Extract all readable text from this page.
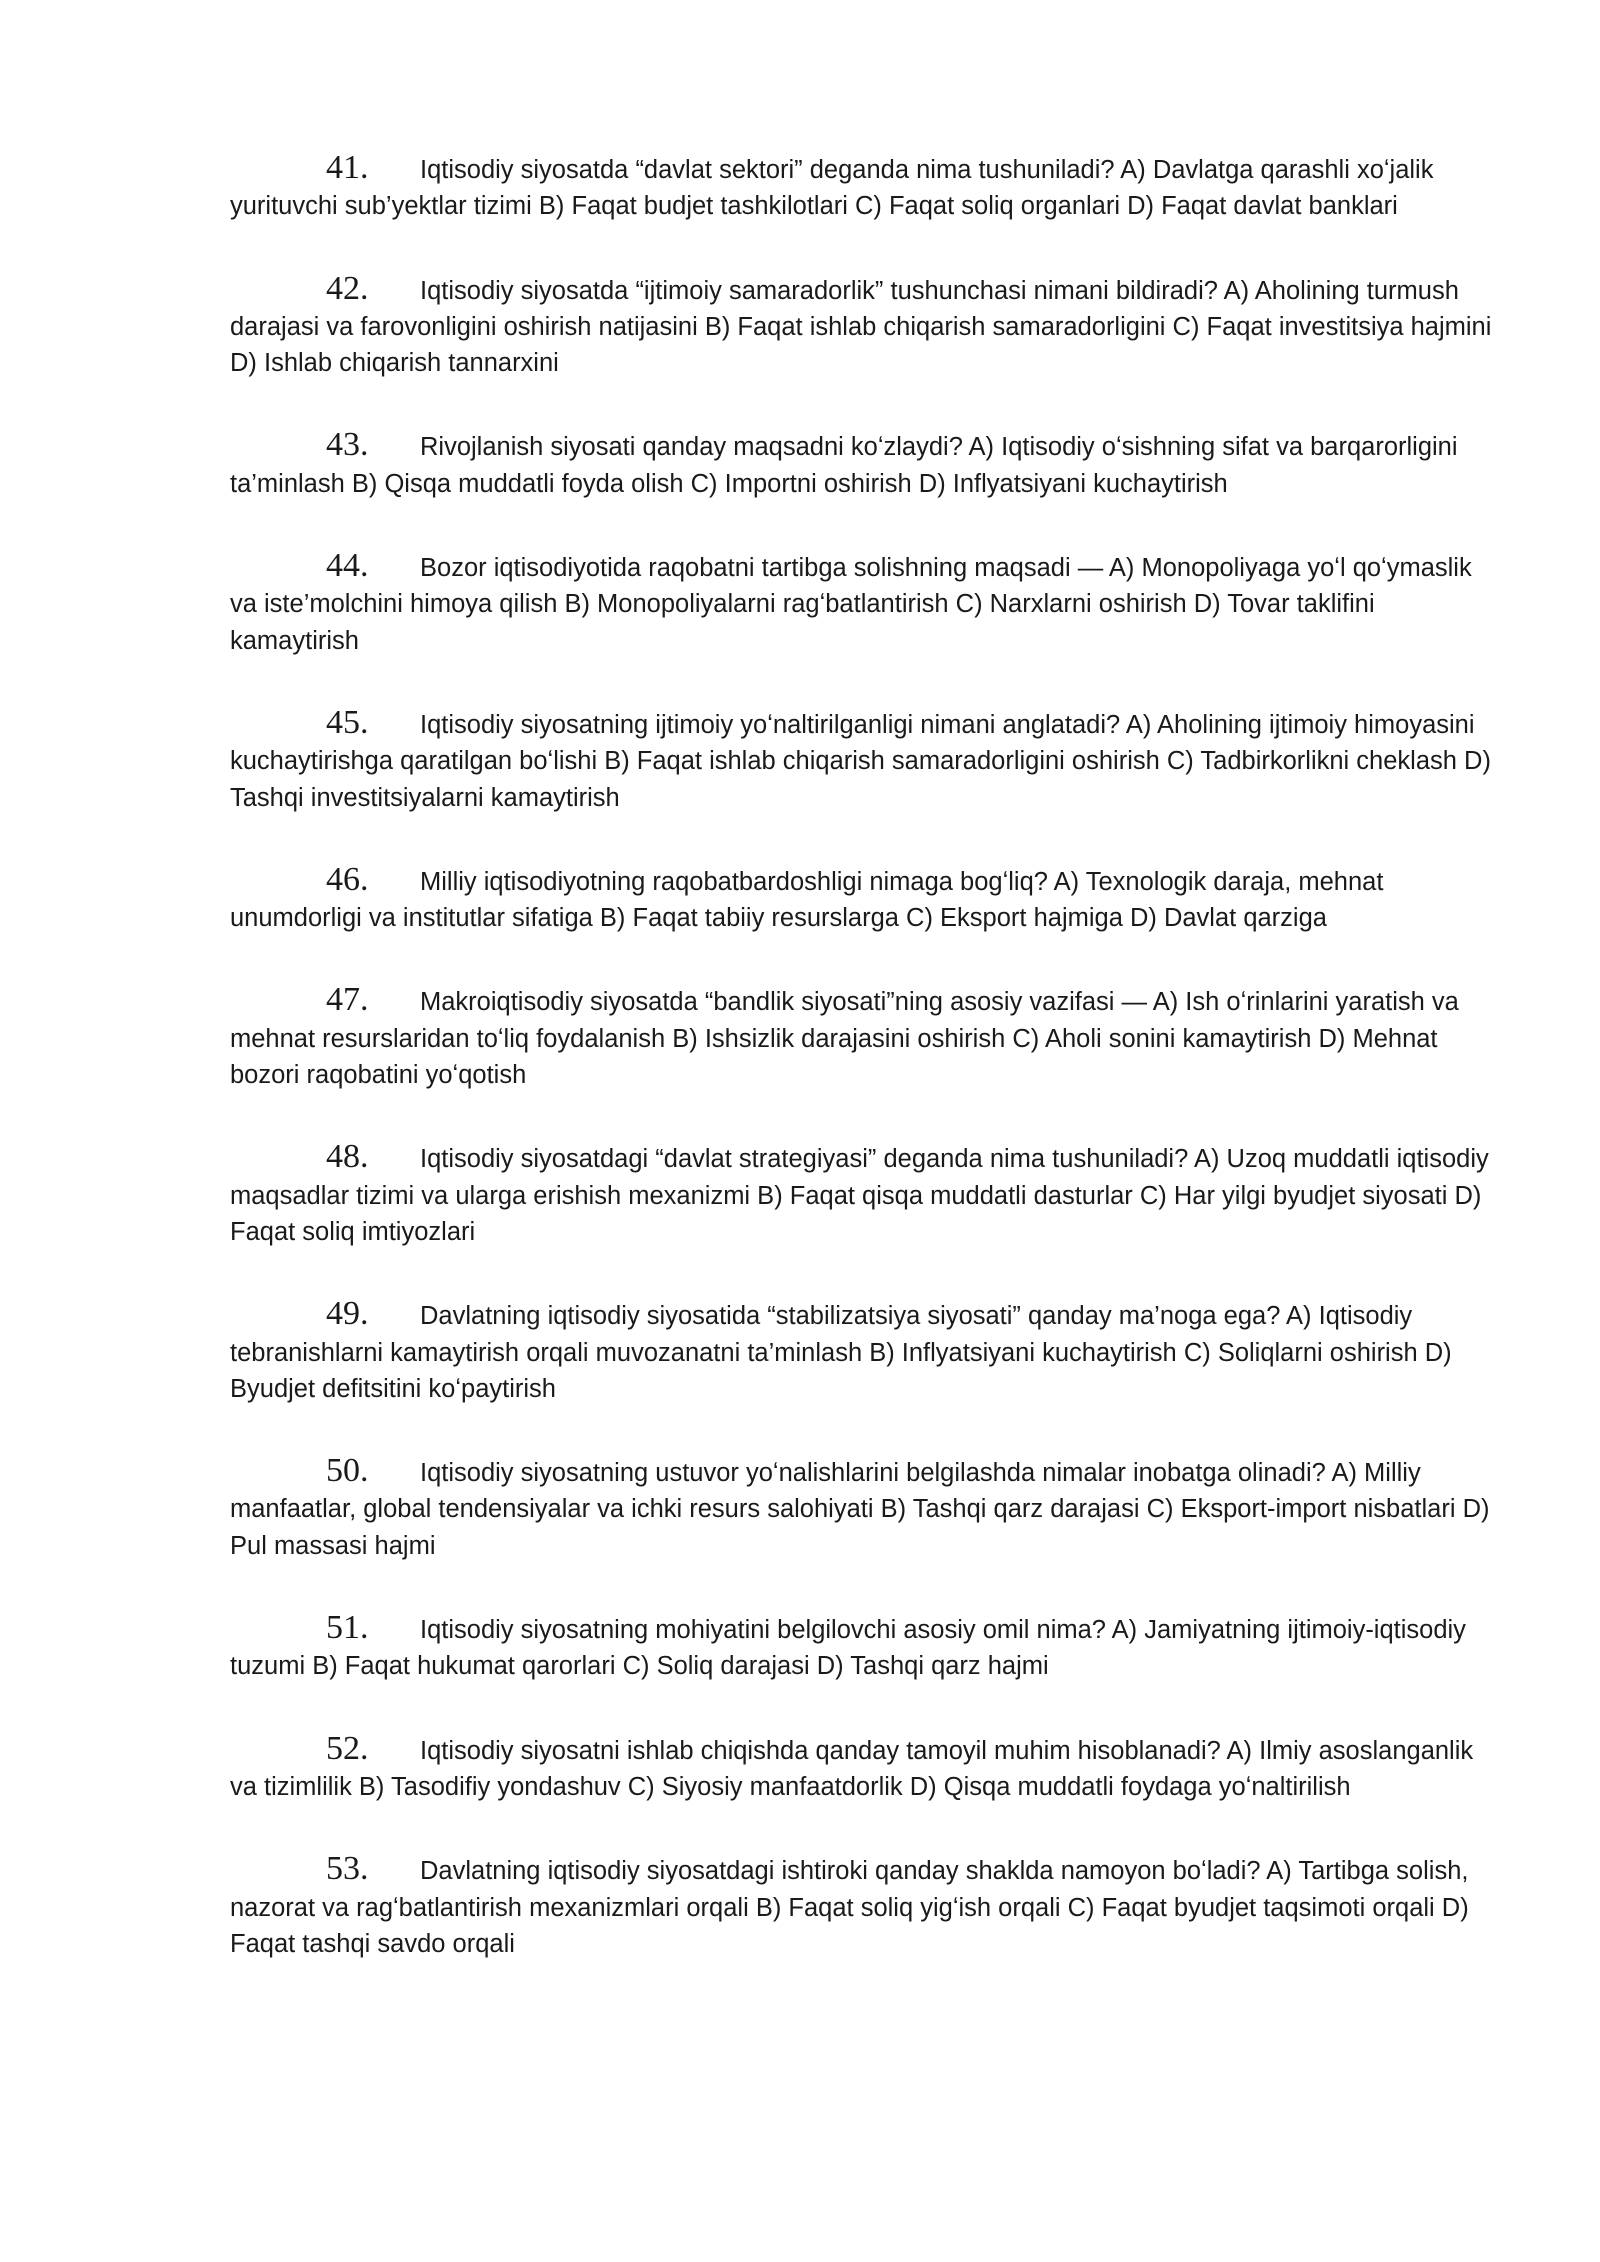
41. Iqtisodiy siyosatda “davlat sektori” deganda nima tushuniladi? A) Davlatga qarashli xoʻjalik yurituvchi sub’yektlar tizimi B) Faqat budjet tashkilotlari C) Faqat soliq organlari D) Faqat davlat banklari

42. Iqtisodiy siyosatda “ijtimoiy samaradorlik” tushunchasi nimani bildiradi? A) Aholining turmush darajasi va farovonligini oshirish natijasini B) Faqat ishlab chiqarish samaradorligini C) Faqat investitsiya hajmini D) Ishlab chiqarish tannarxini

43. Rivojlanish siyosati qanday maqsadni koʻzlaydi? A) Iqtisodiy oʻsishning sifat va barqarorligini ta’minlash B) Qisqa muddatli foyda olish C) Importni oshirish D) Inflyatsiyani kuchaytirish

44. Bozor iqtisodiyotida raqobatni tartibga solishning maqsadi — A) Monopoliyaga yoʻl qoʻymaslik va iste’molchini himoya qilish B) Monopoliyalarni ragʻbatlantirish C) Narxlarni oshirish D) Tovar taklifini kamaytirish

45. Iqtisodiy siyosatning ijtimoiy yoʻnaltirilganligi nimani anglatadi? A) Aholining ijtimoiy himoyasini kuchaytirishga qaratilgan boʻlishi B) Faqat ishlab chiqarish samaradorligini oshirish C) Tadbirkorlikni cheklash D) Tashqi investitsiyalarni kamaytirish

46. Milliy iqtisodiyotning raqobatbardoshligi nimaga bogʻliq? A) Texnologik daraja, mehnat unumdorligi va institutlar sifatiga B) Faqat tabiiy resurslarga C) Eksport hajmiga D) Davlat qarziga

47. Makroiqtisodiy siyosatda “bandlik siyosati”ning asosiy vazifasi — A) Ish oʻrinlarini yaratish va mehnat resurslaridan toʻliq foydalanish B) Ishsizlik darajasini oshirish C) Aholi sonini kamaytirish D) Mehnat bozori raqobatini yoʻqotish

48. Iqtisodiy siyosatdagi “davlat strategiyasi” deganda nima tushuniladi? A) Uzoq muddatli iqtisodiy maqsadlar tizimi va ularga erishish mexanizmi B) Faqat qisqa muddatli dasturlar C) Har yilgi byudjet siyosati D) Faqat soliq imtiyozlari

49. Davlatning iqtisodiy siyosatida “stabilizatsiya siyosati” qanday ma’noga ega? A) Iqtisodiy tebranishlarni kamaytirish orqali muvozanatni ta’minlash B) Inflyatsiyani kuchaytirish C) Soliqlarni oshirish D) Byudjet defitsitini koʻpaytirish

50. Iqtisodiy siyosatning ustuvor yoʻnalishlarini belgilashda nimalar inobatga olinadi? A) Milliy manfaatlar, global tendensiyalar va ichki resurs salohiyati B) Tashqi qarz darajasi C) Eksport-import nisbatlari D) Pul massasi hajmi

51. Iqtisodiy siyosatning mohiyatini belgilovchi asosiy omil nima? A) Jamiyatning ijtimoiy-iqtisodiy tuzumi B) Faqat hukumat qarorlari C) Soliq darajasi D) Tashqi qarz hajmi

52. Iqtisodiy siyosatni ishlab chiqishda qanday tamoyil muhim hisoblanadi? A) Ilmiy asoslanganlik va tizimlilik B) Tasodifiy yondashuv C) Siyosiy manfaatdorlik D) Qisqa muddatli foydaga yoʻnaltirilish

53. Davlatning iqtisodiy siyosatdagi ishtiroki qanday shaklda namoyon boʻladi? A) Tartibga solish, nazorat va ragʻbatlantirish mexanizmlari orqali B) Faqat soliq yigʻish orqali C) Faqat byudjet taqsimoti orqali D) Faqat tashqi savdo orqali
